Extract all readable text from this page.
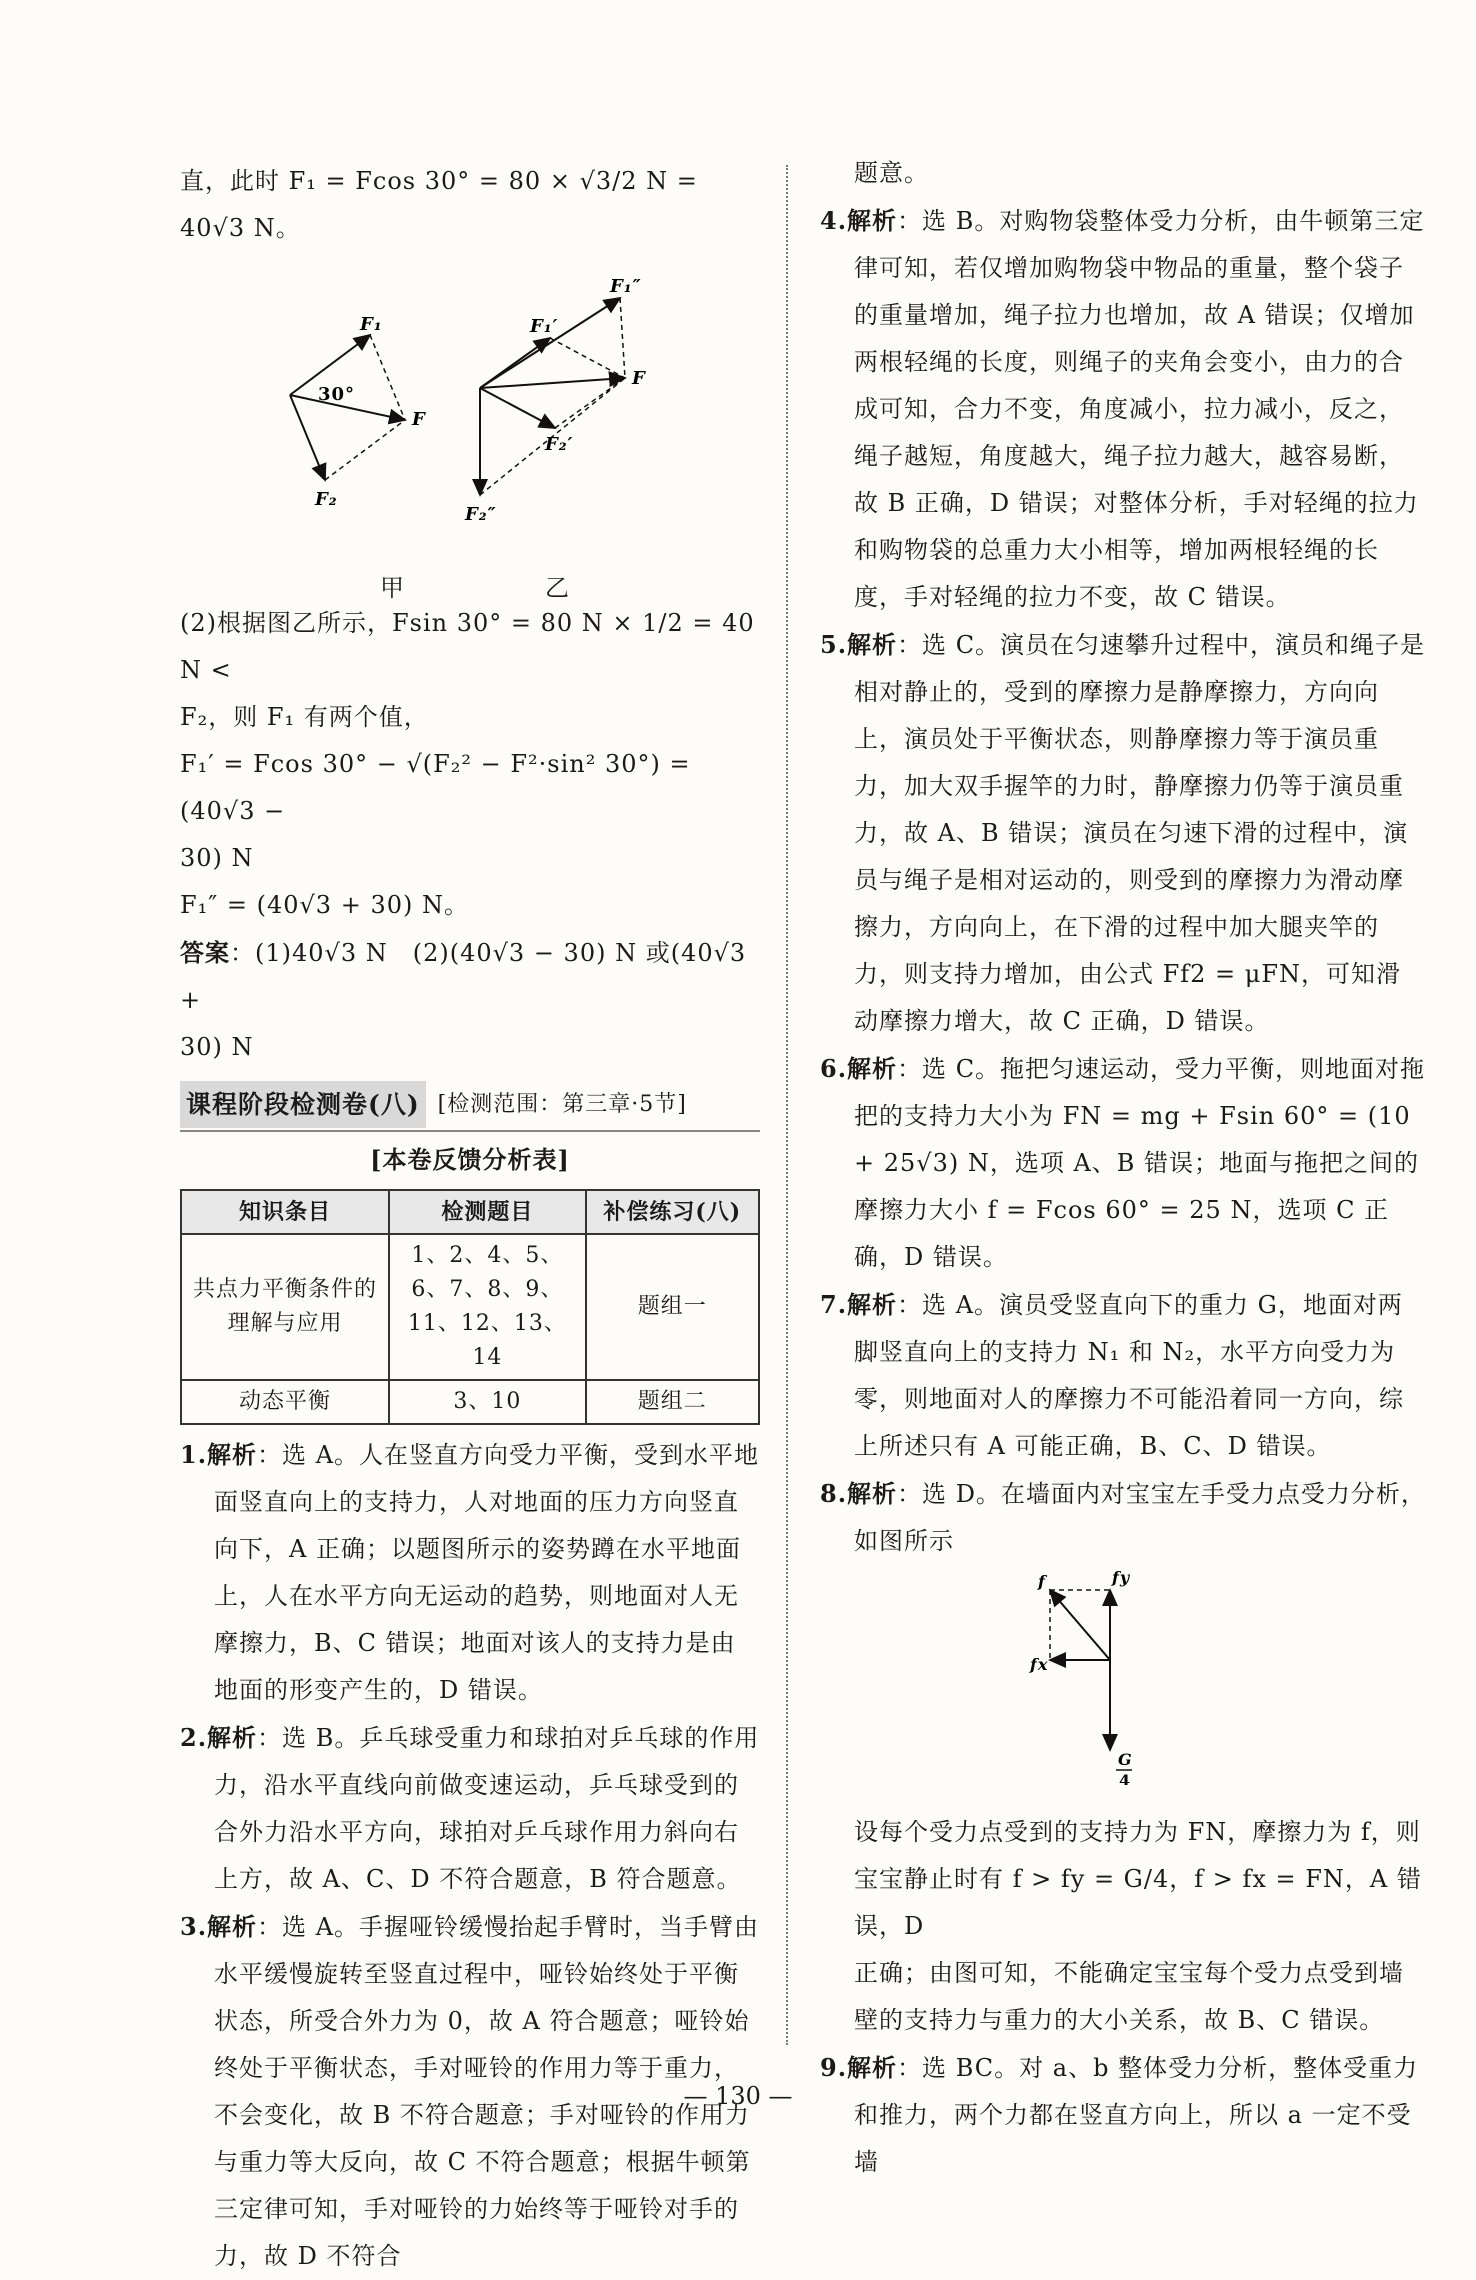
直，此时 F₁ = Fcos 30° = 80 × √3/2 N = 40√3 N。

F₁
30°
F
F₂
F₁″
F₁′
F
F₂′
F₂″
甲	乙

(2)根据图乙所示，Fsin 30° = 80 N × 1/2 = 40 N <

F₂，则 F₁ 有两个值，

F₁′ = Fcos 30° − √(F₂² − F²·sin² 30°) = (40√3 −

30) N

F₁″ = (40√3 + 30) N。

答案：(1)40√3 N　(2)(40√3 − 30) N 或(40√3 +

30) N

课程阶段检测卷(八) [检测范围：第三章·5节]
[本卷反馈分析表]
知识条目	检测题目	补偿练习(八)
共点力平衡条件的理解与应用	1、2、4、5、6、7、8、9、11、12、13、14	题组一
动态平衡	3、10	题组二

1.解析：选 A。人在竖直方向受力平衡，受到水平地面竖直向上的支持力，人对地面的压力方向竖直向下，A 正确；以题图所示的姿势蹲在水平地面上，人在水平方向无运动的趋势，则地面对人无摩擦力，B、C 错误；地面对该人的支持力是由地面的形变产生的，D 错误。

2.解析：选 B。乒乓球受重力和球拍对乒乓球的作用力，沿水平直线向前做变速运动，乒乓球受到的合外力沿水平方向，球拍对乒乓球作用力斜向右上方，故 A、C、D 不符合题意，B 符合题意。

3.解析：选 A。手握哑铃缓慢抬起手臂时，当手臂由水平缓慢旋转至竖直过程中，哑铃始终处于平衡状态，所受合外力为 0，故 A 符合题意；哑铃始终处于平衡状态，手对哑铃的作用力等于重力，不会变化，故 B 不符合题意；手对哑铃的作用力与重力等大反向，故 C 不符合题意；根据牛顿第三定律可知，手对哑铃的力始终等于哑铃对手的力，故 D 不符合

题意。

4.解析：选 B。对购物袋整体受力分析，由牛顿第三定律可知，若仅增加购物袋中物品的重量，整个袋子的重量增加，绳子拉力也增加，故 A 错误；仅增加两根轻绳的长度，则绳子的夹角会变小，由力的合成可知，合力不变，角度减小，拉力减小，反之，绳子越短，角度越大，绳子拉力越大，越容易断，故 B 正确，D 错误；对整体分析，手对轻绳的拉力和购物袋的总重力大小相等，增加两根轻绳的长度，手对轻绳的拉力不变，故 C 错误。

5.解析：选 C。演员在匀速攀升过程中，演员和绳子是相对静止的，受到的摩擦力是静摩擦力，方向向上，演员处于平衡状态，则静摩擦力等于演员重力，加大双手握竿的力时，静摩擦力仍等于演员重力，故 A、B 错误；演员在匀速下滑的过程中，演员与绳子是相对运动的，则受到的摩擦力为滑动摩擦力，方向向上，在下滑的过程中加大腿夹竿的力，则支持力增加，由公式 Ff2 = μFN，可知滑动摩擦力增大，故 C 正确，D 错误。

6.解析：选 C。拖把匀速运动，受力平衡，则地面对拖把的支持力大小为 FN = mg + Fsin 60° = (10 + 25√3) N，选项 A、B 错误；地面与拖把之间的摩擦力大小 f = Fcos 60° = 25 N，选项 C 正确，D 错误。

7.解析：选 A。演员受竖直向下的重力 G，地面对两脚竖直向上的支持力 N₁ 和 N₂，水平方向受力为零，则地面对人的摩擦力不可能沿着同一方向，综上所述只有 A 可能正确，B、C、D 错误。

8.解析：选 D。在墙面内对宝宝左手受力点受力分析，如图所示

f	fy
fx
G
4

设每个受力点受到的支持力为 FN，摩擦力为 f，则

宝宝静止时有 f > fy = G/4，f > fx = FN，A 错误，D

正确；由图可知，不能确定宝宝每个受力点受到墙壁的支持力与重力的大小关系，故 B、C 错误。

9.解析：选 BC。对 a、b 整体受力分析，整体受重力和推力，两个力都在竖直方向上，所以 a 一定不受墙

— 130 —
